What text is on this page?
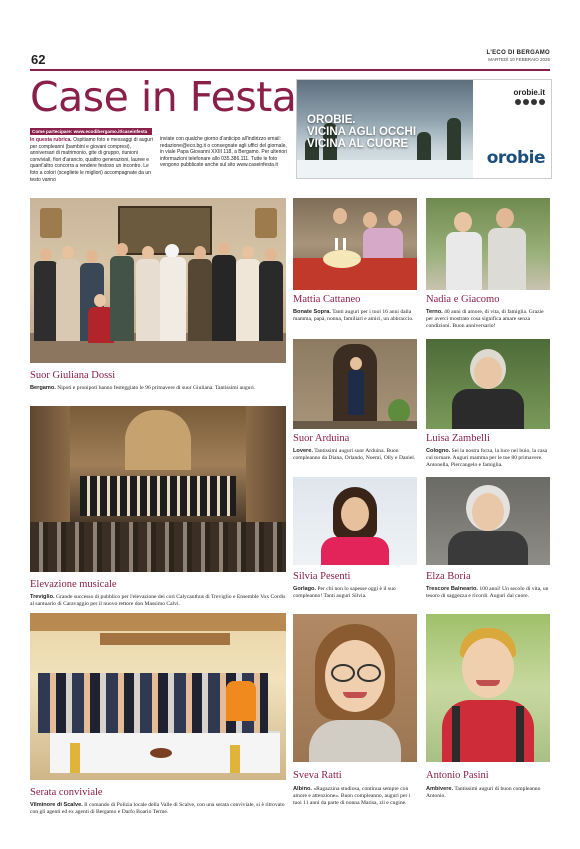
62	L'ECO DI BERGAMO
MARTEDÌ 10 FEBBRAIO 2026
Case in Festa
Come partecipare: www.ecodibergamo.it/caseinfesta
In questa rubrica. Ospitiamo foto e messaggi di auguri per compleanni (bambini e giovani compresi), anniversari di matrimonio, gite di gruppo, riunioni conviviali, fiori d'arancio, quattro generazioni, lauree e quant'altro concorra a rendere festoso un incontro. Le foto a colori (scegliete le migliori) accompagnate da un testo vanno
inviate con qualche giorno d'anticipo all'indirizzo email: redazione@eco.bg.it o consegnate agli uffici del giornale, in viale Papa Giovanni XXIII 118, a Bergamo. Per ulteriori informazioni telefonare allo 035.386.111. Tutte le foto vengono pubblicate anche sul sito www.caseinfesta.it
OROBIE.
VICINA AGLI OCCHI
VICINA AL CUORE
orobie.it
orobie
Suor Giuliana Dossi
Bergamo. Nipoti e pronipoti hanno festeggiato le 96 primavere di suor Giuliana. Tantissimi auguri.
Elevazione musicale
Treviglio. Grande successo di pubblico per l'elevazione dei cori Calycanthus di Treviglio e Ensemble Vox Cordis al santuario di Caravaggio per il nuovo rettore don Massimo Calvi.
Serata conviviale
Vilminore di Scalve. Il comando di Polizia locale della Valle di Scalve, con una serata conviviale, si è ritrovato con gli agenti ed ex agenti di Bergamo e Darfo Boario Terme.
Mattia Cattaneo
Bonate Sopra. Tanti auguri per i tuoi 16 anni dalla mamma, papà, nonna, familiari e amici, un abbraccio.
Suor Arduina
Lovere. Tantissimi auguri suor Arduina. Buon compleanno da Diana, Orlando, Noemi, Olly e Daniel.
Silvia Pesenti
Gorlago. Per chi non lo sapesse oggi è il suo compleanno! Tanti auguri Silvia.
Sveva Ratti
Albino. «Ragazzina studiosa, continua sempre con amore e attenzione». Buon compleanno, auguri per i tuoi 11 anni da parte di nonna Marisa, zii e cugine.
Nadia e Giacomo
Terno. 40 anni di amore, di vita, di famiglia. Grazie per averci mostrato cosa significa amare senza condizioni. Buon anniversario!
Luisa Zambelli
Cologno. Sei la nostra forza, la luce nel buio, la casa cui tornare. Auguri mamma per le tue 80 primavere. Antonella, Piercangelo e famiglia.
Elza Boria
Trescore Balneario. 100 anni! Un secolo di vita, un tesoro di saggezza e ricordi. Auguri dal cuore.
Antonio Pasini
Ambivere. Tantissimi auguri di buon compleanno Antonio.
